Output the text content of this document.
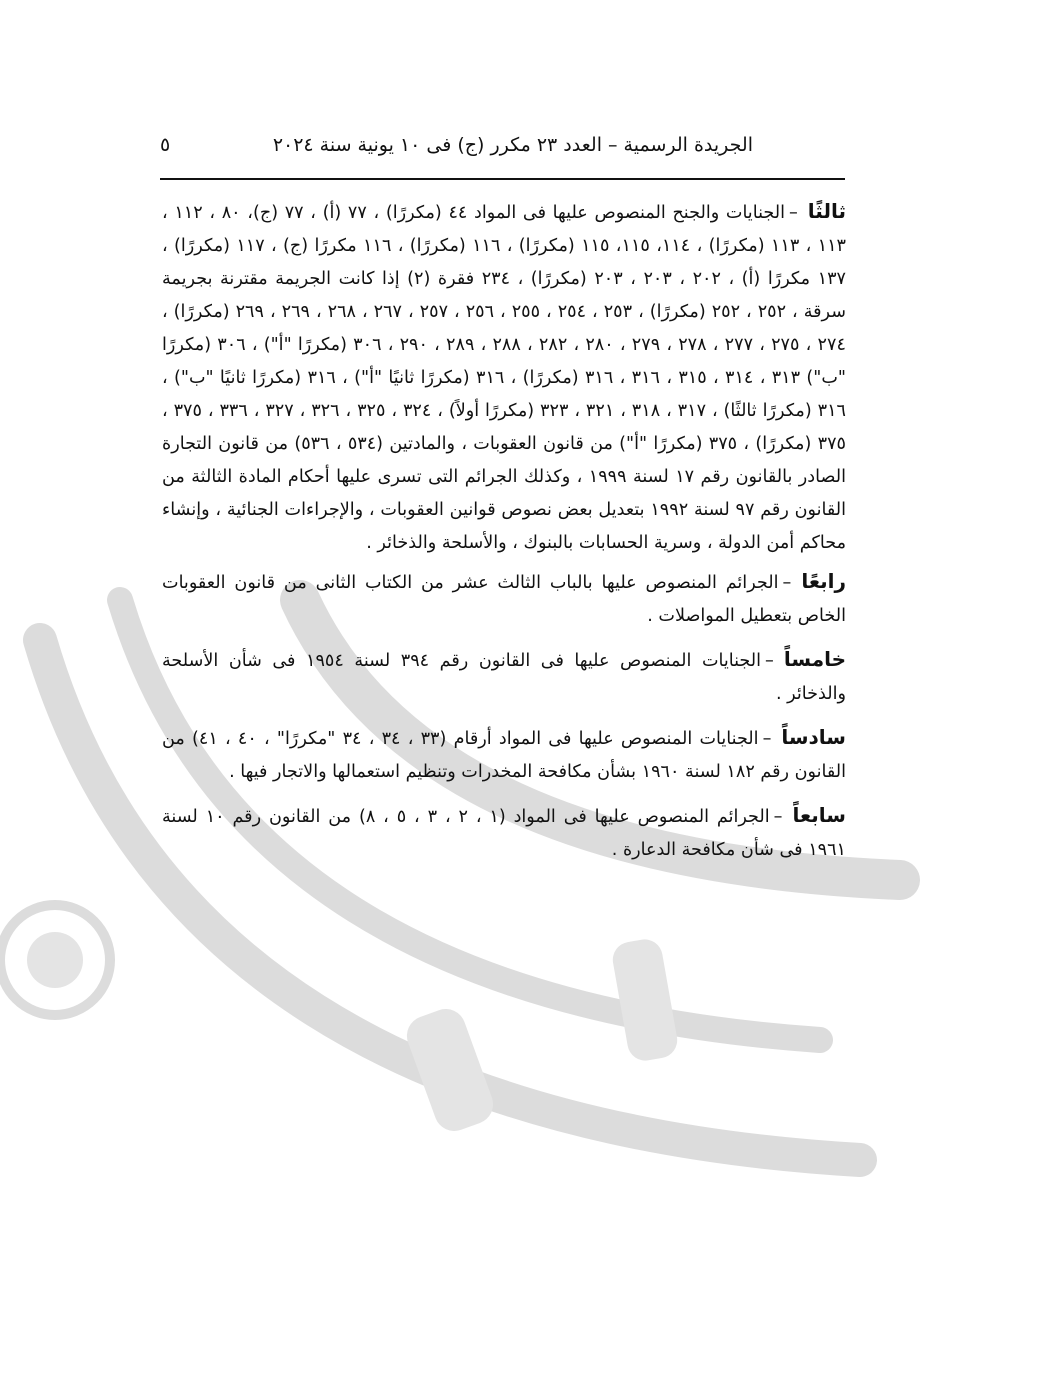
الجريدة الرسمية – العدد ٢٣ مكرر (ج) فى ١٠ يونية سنة ٢٠٢٤
٥

ثالثًا–الجنايات والجنح المنصوص عليها فى المواد ٤٤ (مكررًا) ، ٧٧ (أ) ، ٧٧ (ج)، ٨٠ ، ١١٢ ، ١١٣ ، ١١٣ (مكررًا) ، ١١٤، ١١٥، ١١٥ (مكررًا) ، ١١٦ (مكررًا) ، ١١٦ مكررًا (ج) ، ١١٧ (مكررًا) ، ١٣٧ مكررًا (أ) ، ٢٠٢ ، ٢٠٣ ، ٢٠٣ (مكررًا) ، ٢٣٤ فقرة (٢) إذا كانت الجريمة مقترنة بجريمة سرقة ، ٢٥٢ ، ٢٥٢ (مكررًا) ، ٢٥٣ ، ٢٥٤ ، ٢٥٥ ، ٢٥٦ ، ٢٥٧ ، ٢٦٧ ، ٢٦٨ ، ٢٦٩ ، ٢٦٩ (مكررًا) ، ٢٧٤ ، ٢٧٥ ، ٢٧٧ ، ٢٧٨ ، ٢٧٩ ، ٢٨٠ ، ٢٨٢ ، ٢٨٨ ، ٢٨٩ ، ٢٩٠ ، ٣٠٦ (مكررًا "أ") ، ٣٠٦ (مكررًا "ب") ٣١٣ ، ٣١٤ ، ٣١٥ ، ٣١٦ ، ٣١٦ (مكررًا) ، ٣١٦ (مكررًا ثانيًا "أ") ، ٣١٦ (مكررًا ثانيًا "ب") ، ٣١٦ (مكررًا ثالثًا) ، ٣١٧ ، ٣١٨ ، ٣٢١ ، ٣٢٣ (مكررًا أولاً) ، ٣٢٤ ، ٣٢٥ ، ٣٢٦ ، ٣٢٧ ، ٣٣٦ ، ٣٧٥ ، ٣٧٥ (مكررًا) ، ٣٧٥ (مكررًا "أ") من قانون العقوبات ، والمادتين (٥٣٤ ، ٥٣٦) من قانون التجارة الصادر بالقانون رقم ١٧ لسنة ١٩٩٩ ، وكذلك الجرائم التى تسرى عليها أحكام المادة الثالثة من القانون رقم ٩٧ لسنة ١٩٩٢ بتعديل بعض نصوص قوانين العقوبات ، والإجراءات الجنائية ، وإنشاء محاكم أمن الدولة ، وسرية الحسابات بالبنوك ، والأسلحة والذخائر .

رابعًا–الجرائم المنصوص عليها بالباب الثالث عشر من الكتاب الثانى من قانون العقوبات الخاص بتعطيل المواصلات .

خامساً–الجنايات المنصوص عليها فى القانون رقم ٣٩٤ لسنة ١٩٥٤ فى شأن الأسلحة والذخائر .

سادساً–الجنايات المنصوص عليها فى المواد أرقام (٣٣ ، ٣٤ ، ٣٤ "مكررًا" ، ٤٠ ، ٤١) من القانون رقم ١٨٢ لسنة ١٩٦٠ بشأن مكافحة المخدرات وتنظيم استعمالها والاتجار فيها .

سابعاً–الجرائم المنصوص عليها فى المواد (١ ، ٢ ، ٣ ، ٥ ، ٨) من القانون رقم ١٠ لسنة ١٩٦١ فى شأن مكافحة الدعارة .
